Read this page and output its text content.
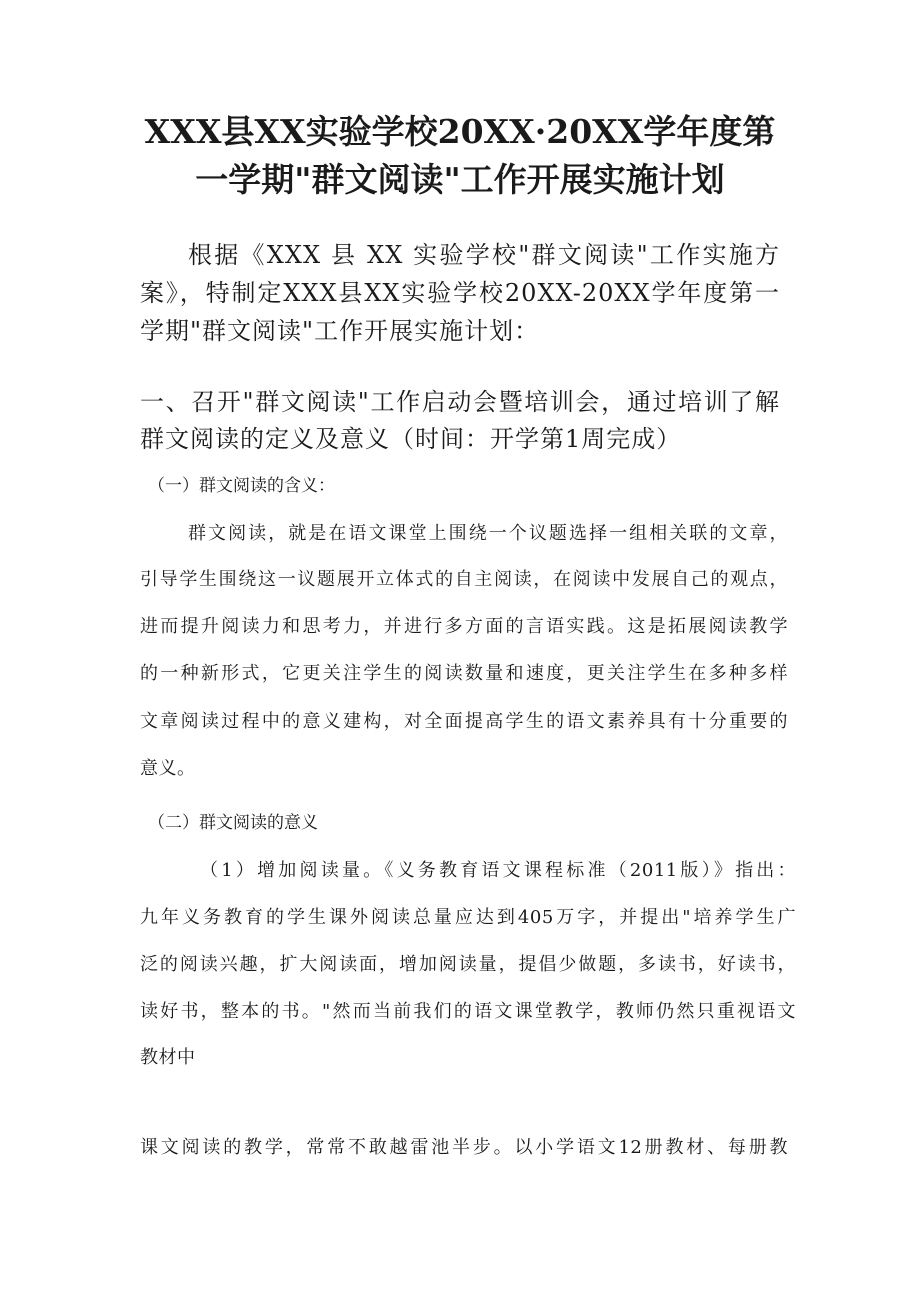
XXX县XX实验学校20XX·20XX学年度第
一学期"群文阅读"工作开展实施计划
根据《XXX 县 XX 实验学校"群文阅读"工作实施方
案》，特制定XXX县XX实验学校20XX-20XX学年度第一
学期"群文阅读"工作开展实施计划：
一、召开"群文阅读"工作启动会暨培训会，通过培训了解
群文阅读的定义及意义（时间：开学第1周完成）
（一）群文阅读的含义：
群文阅读，就是在语文课堂上围绕一个议题选择一组相关联的文章，
引导学生围绕这一议题展开立体式的自主阅读，在阅读中发展自己的观点，
进而提升阅读力和思考力，并进行多方面的言语实践。这是拓展阅读教学
的一种新形式，它更关注学生的阅读数量和速度，更关注学生在多种多样
文章阅读过程中的意义建构，对全面提高学生的语文素养具有十分重要的
意义。
（二）群文阅读的意义
（1）增加阅读量。《义务教育语文课程标准（2011版）》指出：
九年义务教育的学生课外阅读总量应达到405万字，并提出"培养学生广
泛的阅读兴趣，扩大阅读面，增加阅读量，提倡少做题，多读书，好读书，
读好书，整本的书。"然而当前我们的语文课堂教学，教师仍然只重视语文
教材中
课文阅读的教学，常常不敢越雷池半步。以小学语文12册教材、每册教
